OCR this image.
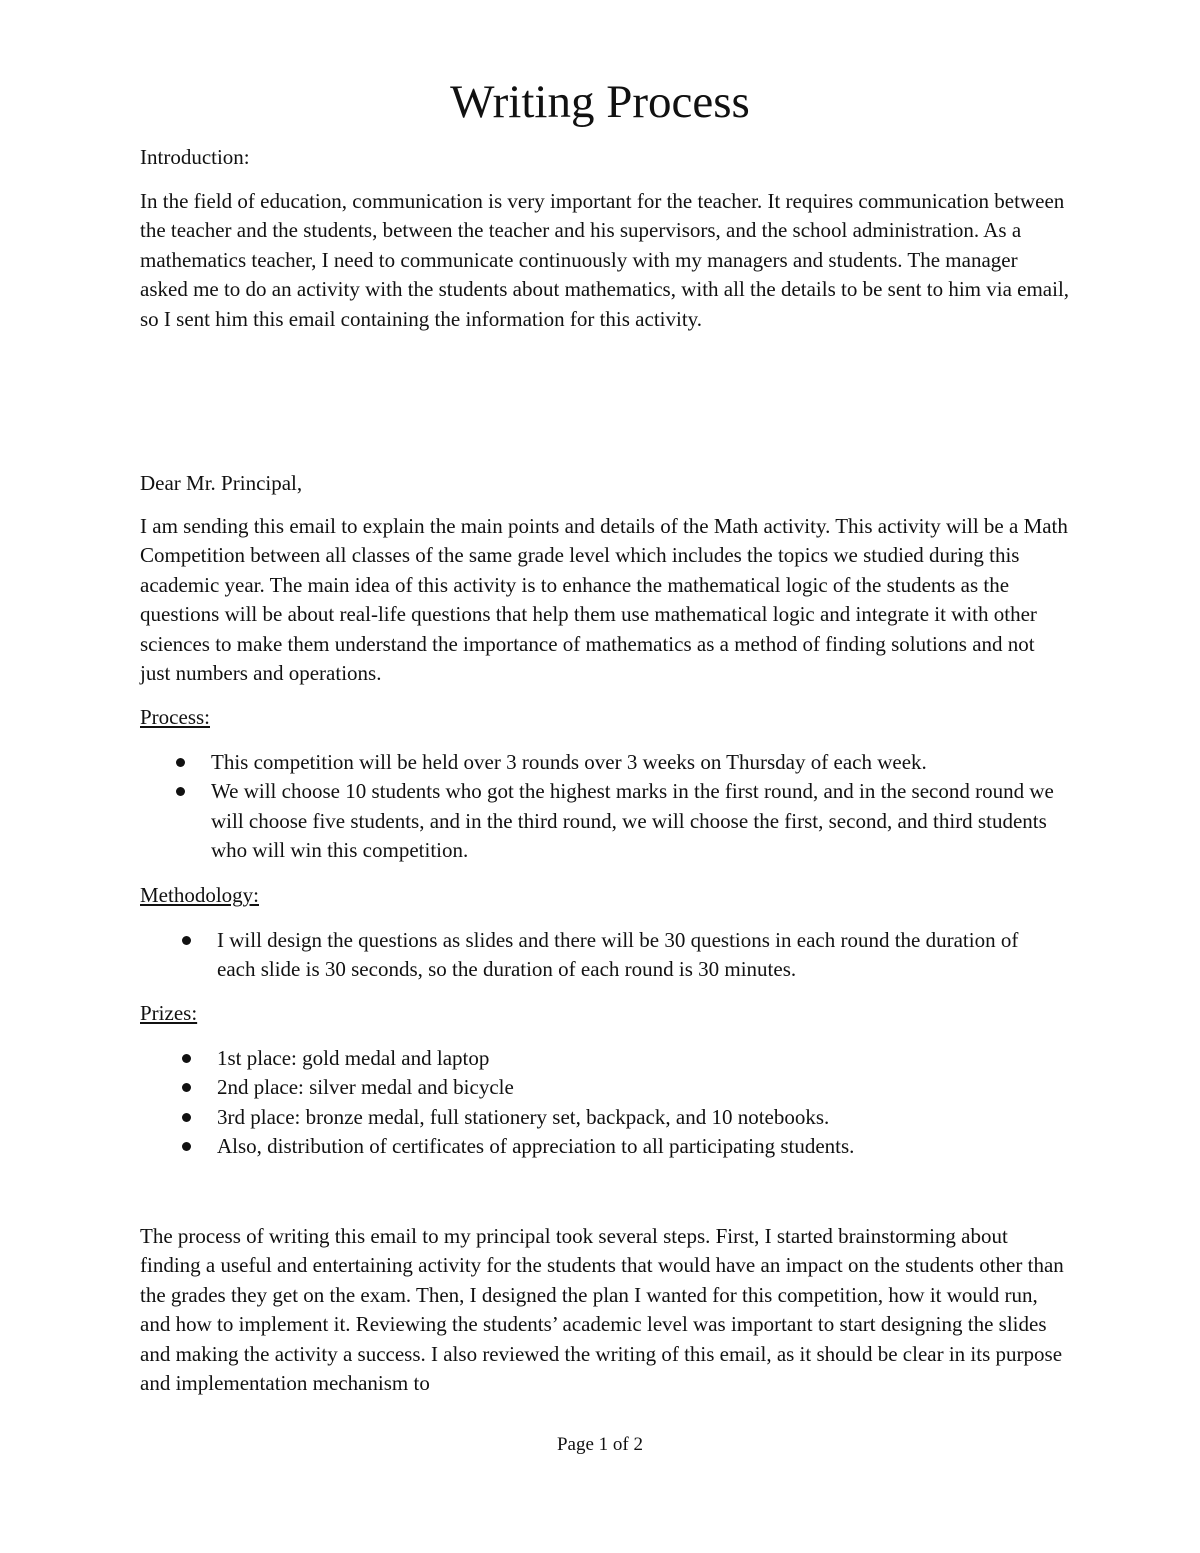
Writing Process

Introduction:

In the field of education, communication is very important for the teacher. It requires communication between the teacher and the students, between the teacher and his supervisors, and the school administration. As a mathematics teacher, I need to communicate continuously with my managers and students. The manager asked me to do an activity with the students about mathematics, with all the details to be sent to him via email, so I sent him this email containing the information for this activity.

Dear Mr. Principal,

I am sending this email to explain the main points and details of the Math activity. This activity will be a Math Competition between all classes of the same grade level which includes the topics we studied during this academic year. The main idea of this activity is to enhance the mathematical logic of the students as the questions will be about real-life questions that help them use mathematical logic and integrate it with other sciences to make them understand the importance of mathematics as a method of finding solutions and not just numbers and operations.

Process:

This competition will be held over 3 rounds over 3 weeks on Thursday of each week.
We will choose 10 students who got the highest marks in the first round, and in the second round we will choose five students, and in the third round, we will choose the first, second, and third students who will win this competition.

Methodology:

I will design the questions as slides and there will be 30 questions in each round the duration of each slide is 30 seconds, so the duration of each round is 30 minutes.

Prizes:

1st place: gold medal and laptop
2nd place: silver medal and bicycle
3rd place: bronze medal, full stationery set, backpack, and 10 notebooks.
Also, distribution of certificates of appreciation to all participating students.

The process of writing this email to my principal took several steps. First, I started brainstorming about finding a useful and entertaining activity for the students that would have an impact on the students other than the grades they get on the exam. Then, I designed the plan I wanted for this competition, how it would run, and how to implement it. Reviewing the students’ academic level was important to start designing the slides and making the activity a success. I also reviewed the writing of this email, as it should be clear in its purpose and implementation mechanism to

Page 1 of 2
